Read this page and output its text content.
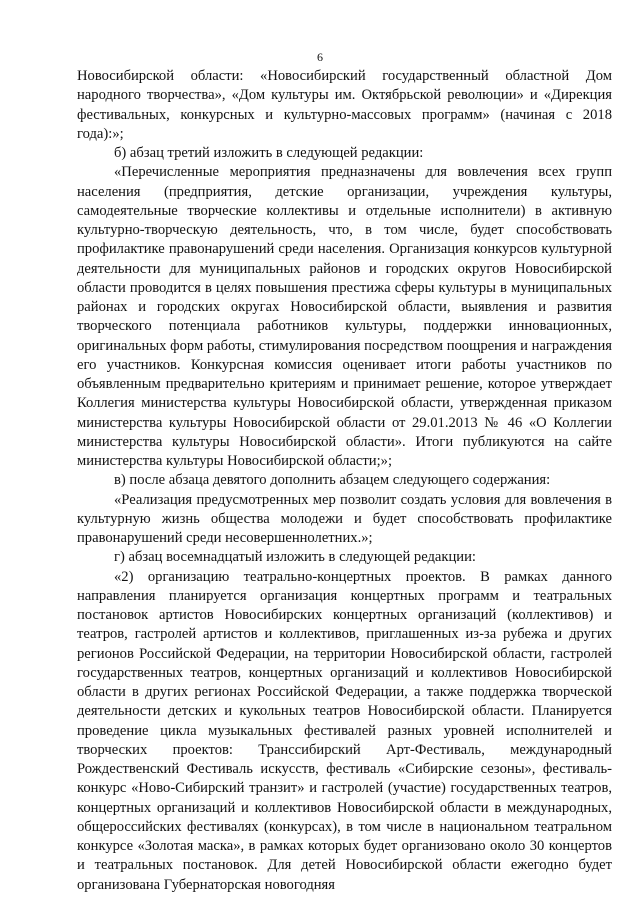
6

Новосибирской области: «Новосибирский государственный областной Дом народного творчества», «Дом культуры им. Октябрьской революции» и «Дирекция фестивальных, конкурсных и культурно-массовых программ» (начиная с 2018 года):»;

б) абзац третий изложить в следующей редакции:

«Перечисленные мероприятия предназначены для вовлечения всех групп населения (предприятия, детские организации, учреждения культуры, самодеятельные творческие коллективы и отдельные исполнители) в активную культурно-творческую деятельность, что, в том числе, будет способствовать профилактике правонарушений среди населения. Организация конкурсов культурной деятельности для муниципальных районов и городских округов Новосибирской области проводится в целях повышения престижа сферы культуры в муниципальных районах и городских округах Новосибирской области, выявления и развития творческого потенциала работников культуры, поддержки инновационных, оригинальных форм работы, стимулирования посредством поощрения и награждения его участников. Конкурсная комиссия оценивает итоги работы участников по объявленным предварительно критериям и принимает решение, которое утверждает Коллегия министерства культуры Новосибирской области, утвержденная приказом министерства культуры Новосибирской области от 29.01.2013 № 46 «О Коллегии министерства культуры Новосибирской области». Итоги публикуются на сайте министерства культуры Новосибирской области;»;

в) после абзаца девятого дополнить абзацем следующего содержания:

«Реализация предусмотренных мер позволит создать условия для вовлечения в культурную жизнь общества молодежи и будет способствовать профилактике правонарушений среди несовершеннолетних.»;

г) абзац восемнадцатый изложить в следующей редакции:

«2) организацию театрально-концертных проектов. В рамках данного направления планируется организация концертных программ и театральных постановок артистов Новосибирских концертных организаций (коллективов) и театров, гастролей артистов и коллективов, приглашенных из-за рубежа и других регионов Российской Федерации, на территории Новосибирской области, гастролей государственных театров, концертных организаций и коллективов Новосибирской области в других регионах Российской Федерации, а также поддержка творческой деятельности детских и кукольных театров Новосибирской области. Планируется проведение цикла музыкальных фестивалей разных уровней исполнителей и творческих проектов: Транссибирский Арт-Фестиваль, международный Рождественский Фестиваль искусств, фестиваль «Сибирские сезоны», фестиваль-конкурс «Ново-Сибирский транзит» и гастролей (участие) государственных театров, концертных организаций и коллективов Новосибирской области в международных, общероссийских фестивалях (конкурсах), в том числе в национальном театральном конкурсе «Золотая маска», в рамках которых будет организовано около 30 концертов и театральных постановок. Для детей Новосибирской области ежегодно будет организована Губернаторская новогодняя
